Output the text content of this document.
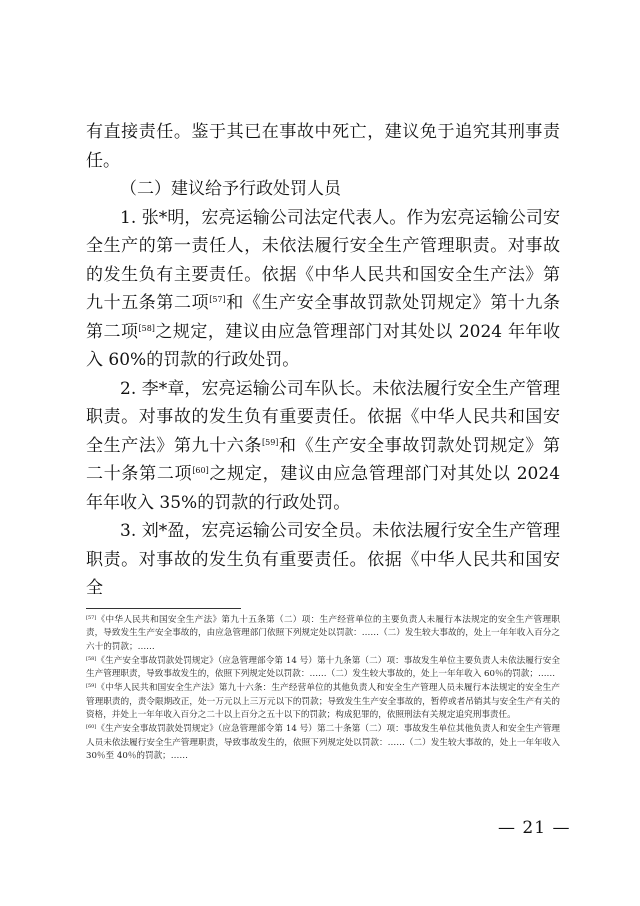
有直接责任。鉴于其已在事故中死亡，建议免于追究其刑事责任。

（二）建议给予行政处罚人员

1. 张*明，宏亮运输公司法定代表人。作为宏亮运输公司安全生产的第一责任人，未依法履行安全生产管理职责。对事故的发生负有主要责任。依据《中华人民共和国安全生产法》第九十五条第二项[57]和《生产安全事故罚款处罚规定》第十九条第二项[58]之规定，建议由应急管理部门对其处以 2024 年年收入 60%的罚款的行政处罚。

2. 李*章，宏亮运输公司车队长。未依法履行安全生产管理职责。对事故的发生负有重要责任。依据《中华人民共和国安全生产法》第九十六条[59]和《生产安全事故罚款处罚规定》第二十条第二项[60]之规定，建议由应急管理部门对其处以 2024 年年收入 35%的罚款的行政处罚。

3. 刘*盈，宏亮运输公司安全员。未依法履行安全生产管理职责。对事故的发生负有重要责任。依据《中华人民共和国安全

[57]《中华人民共和国安全生产法》第九十五条第（二）项：生产经营单位的主要负责人未履行本法规定的安全生产管理职责，导致发生生产安全事故的，由应急管理部门依照下列规定处以罚款：……（二）发生较大事故的，处上一年年收入百分之六十的罚款；……

[58]《生产安全事故罚款处罚规定》（应急管理部令第 14 号）第十九条第（二）项：事故发生单位主要负责人未依法履行安全生产管理职责，导致事故发生的，依照下列规定处以罚款：……（二）发生较大事故的，处上一年年收入 60％的罚款；……

[59]《中华人民共和国安全生产法》第九十六条：生产经营单位的其他负责人和安全生产管理人员未履行本法规定的安全生产管理职责的，责令限期改正，处一万元以上三万元以下的罚款；导致发生生产安全事故的，暂停或者吊销其与安全生产有关的资格，并处上一年年收入百分之二十以上百分之五十以下的罚款；构成犯罪的，依照刑法有关规定追究刑事责任。

[60]《生产安全事故罚款处罚规定》（应急管理部令第 14 号）第二十条第（二）项：事故发生单位其他负责人和安全生产管理人员未依法履行安全生产管理职责，导致事故发生的，依照下列规定处以罚款：……（二）发生较大事故的，处上一年年收入 30％至 40％的罚款；……

— 21 —
